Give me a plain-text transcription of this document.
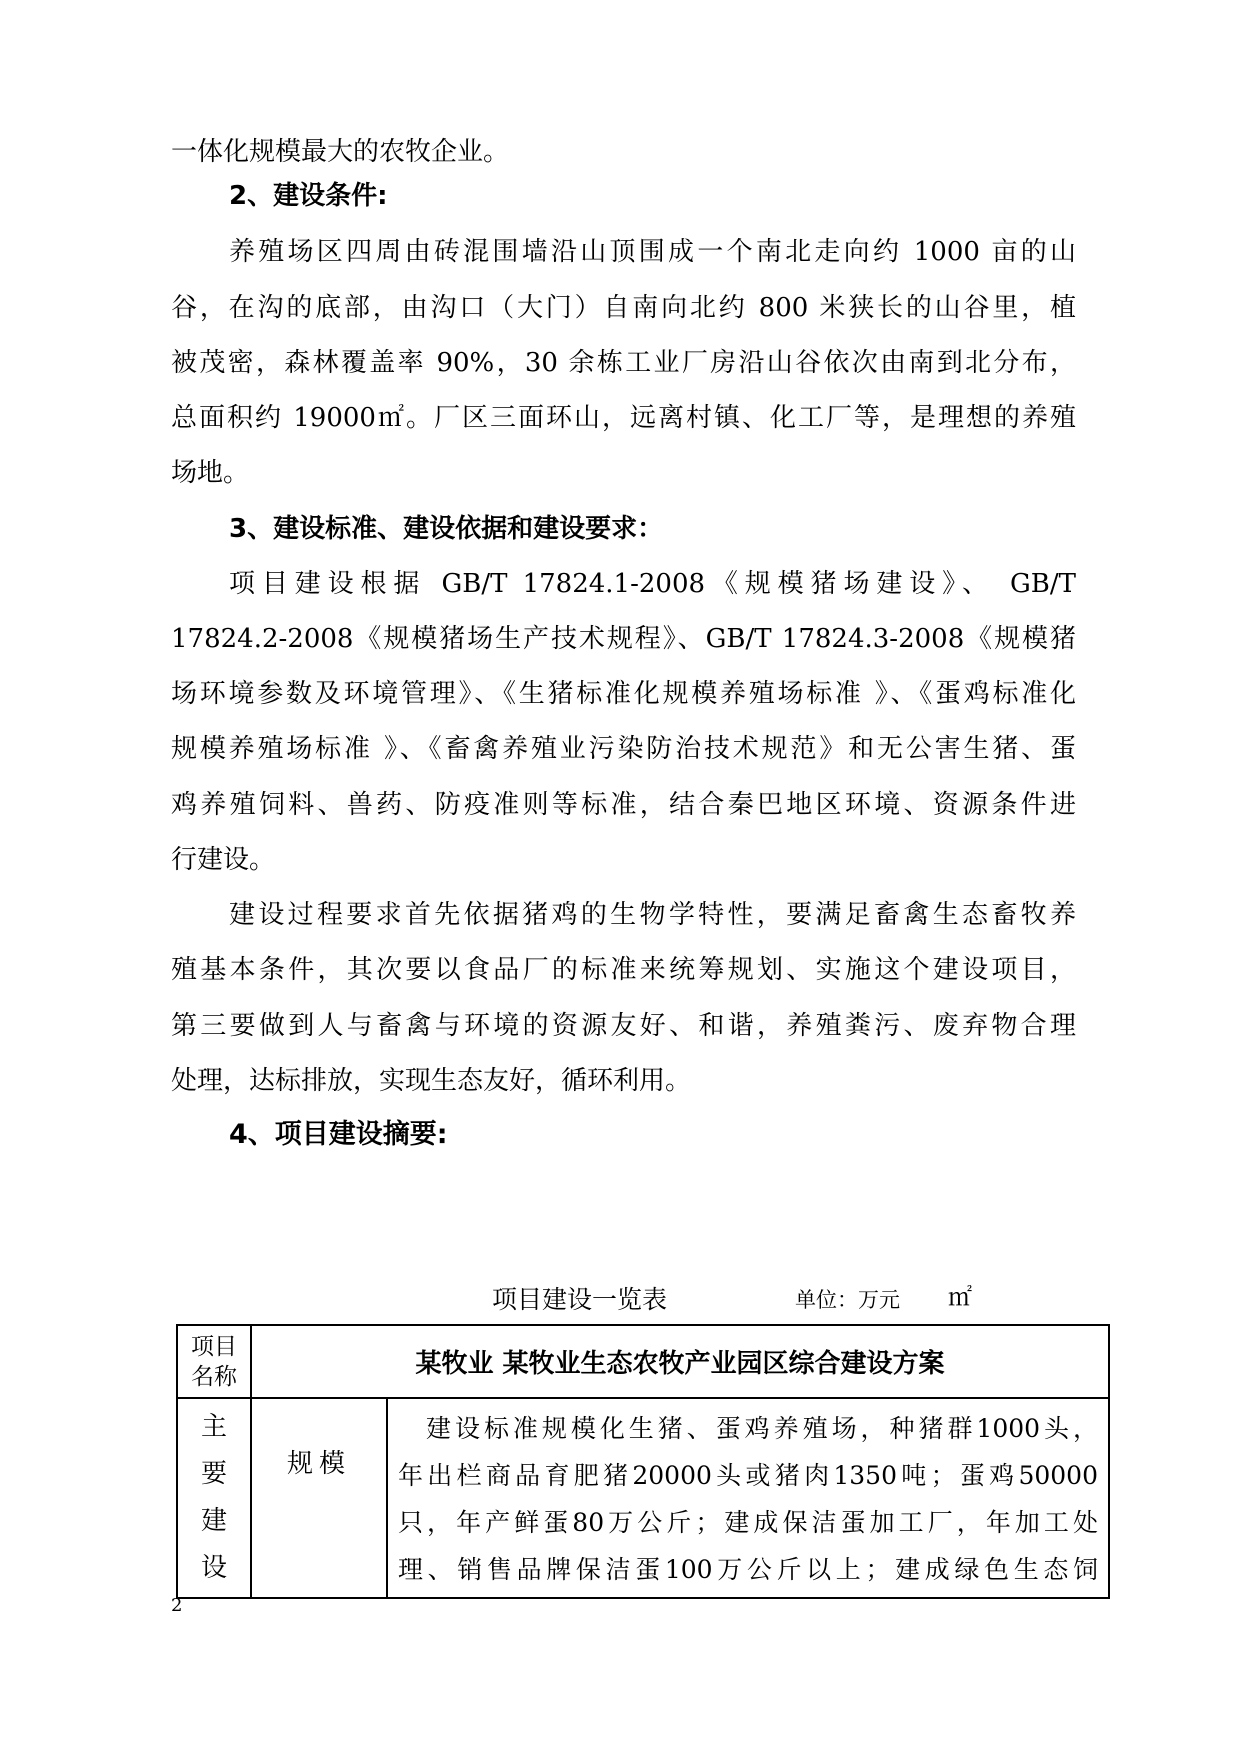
一体化规模最大的农牧企业。
2、建设条件:
养殖场区四周由砖混围墙沿山顶围成一个南北走向约 1000 亩的山
谷，在沟的底部，由沟口（大门）自南向北约 800 米狭长的山谷里，植
被茂密，森林覆盖率 90%，30 余栋工业厂房沿山谷依次由南到北分布，
总面积约 19000㎡。厂区三面环山，远离村镇、化工厂等，是理想的养殖
场地。
3、建设标准、建设依据和建设要求：
项目建设根据 GB/T 17824.1-2008《规模猪场建设》、 GB/T
17824.2-2008《规模猪场生产技术规程》、GB/T 17824.3-2008《规模猪
场环境参数及环境管理》、《生猪标准化规模养殖场标准 》、《蛋鸡标准化
规模养殖场标准 》、《畜禽养殖业污染防治技术规范》和无公害生猪、蛋
鸡养殖饲料、兽药、防疫准则等标准，结合秦巴地区环境、资源条件进
行建设。
建设过程要求首先依据猪鸡的生物学特性，要满足畜禽生态畜牧养
殖基本条件，其次要以食品厂的标准来统筹规划、实施这个建设项目，
第三要做到人与畜禽与环境的资源友好、和谐，养殖粪污、废弃物合理
处理，达标排放，实现生态友好，循环利用。
4、项目建设摘要:
项目建设一览表	单位：万元 ㎡
项目
名称	某牧业 某牧业生态农牧产业园区综合建设方案	

主
要
建
设	规模	建设标准规模化生猪、蛋鸡养殖场，种猪群1000头，
年出栏商品育肥猪20000头或猪肉1350吨；蛋鸡50000
只，年产鲜蛋80万公斤；建成保洁蛋加工厂，年加工处
理、销售品牌保洁蛋100万公斤以上；建成绿色生态饲
2
